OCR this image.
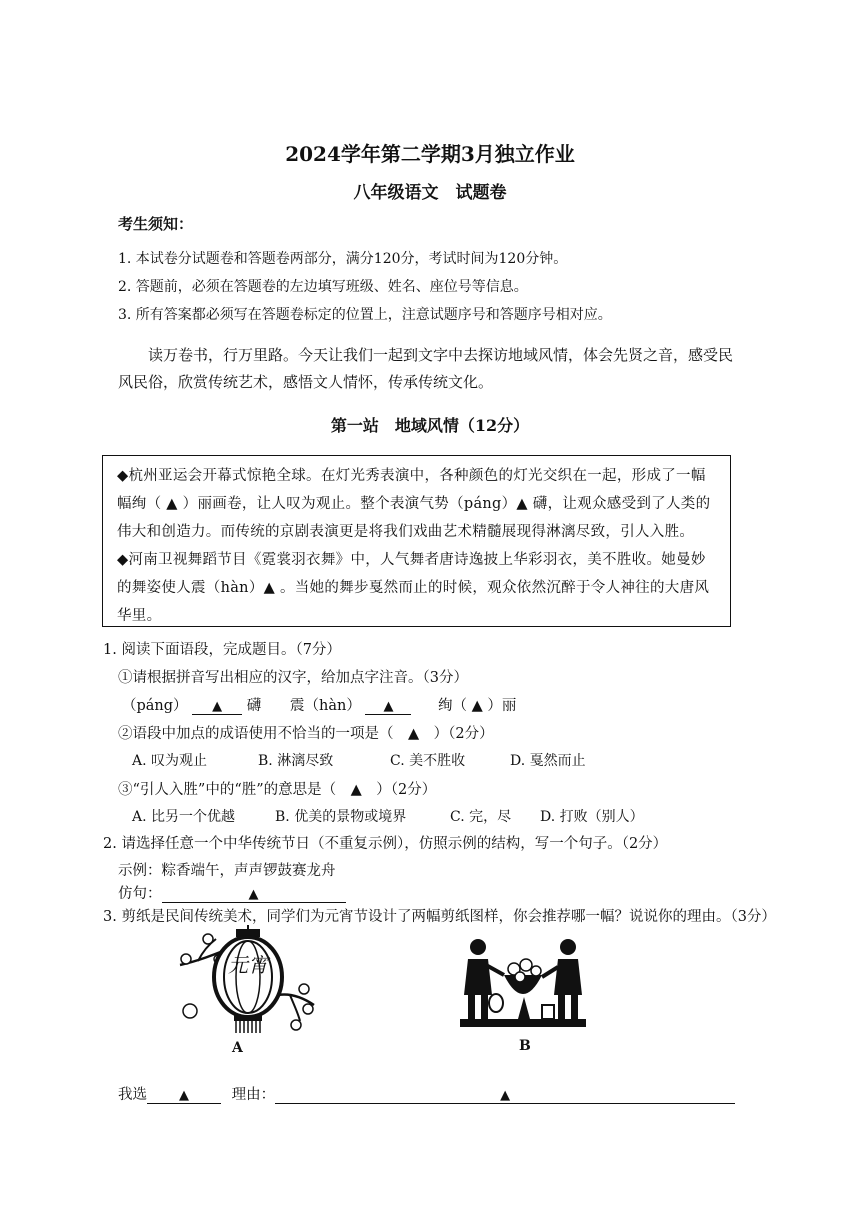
2024学年第二学期3月独立作业
八年级语文　试题卷
考生须知：
1. 本试卷分试题卷和答题卷两部分，满分120分，考试时间为120分钟。
2. 答题前，必须在答题卷的左边填写班级、姓名、座位号等信息。
3. 所有答案都必须写在答题卷标定的位置上，注意试题序号和答题序号相对应。
读万卷书，行万里路。今天让我们一起到文字中去探访地域风情，体会先贤之音，感受民风民俗，欣赏传统艺术，感悟文人情怀，传承传统文化。
第一站　地域风情（12分）
◆杭州亚运会开幕式惊艳全球。在灯光秀表演中，各种颜色的灯光交织在一起，形成了一幅幅绚（ ▲ ）丽画卷，让人叹为观止。整个表演气势（páng）▲ 礴，让观众感受到了人类的伟大和创造力。而传统的京剧表演更是将我们戏曲艺术精髓展现得淋漓尽致，引人入胜。
◆河南卫视舞蹈节目《霓裳羽衣舞》中，人气舞者唐诗逸披上华彩羽衣，美不胜收。她曼妙的舞姿使人震（hàn）▲ 。当她的舞步戛然而止的时候，观众依然沉醉于令人神往的大唐风华里。
1. 阅读下面语段，完成题目。（7分）
①请根据拼音写出相应的汉字，给加点字注音。（3分）
（páng） ▲ 礴 震（hàn） ▲	绚（ ▲ ）丽
②语段中加点的成语使用不恰当的一项是（　▲　）（2分）
A. 叹为观止	B. 淋漓尽致	C. 美不胜收	D. 戛然而止
③“引人入胜”中的“胜”的意思是（　▲　）（2分）
A. 比另一个优越	B. 优美的景物或境界	C. 完，尽 D. 打败（别人）
2. 请选择任意一个中华传统节日（不重复示例），仿照示例的结构，写一个句子。（2分）
示例：粽香端午，声声锣鼓赛龙舟
仿句：	▲
3. 剪纸是民间传统美术，同学们为元宵节设计了两幅剪纸图样，你会推荐哪一幅？说说你的理由。（3分）
元宵
A	B
我选 ▲	理由：	▲
